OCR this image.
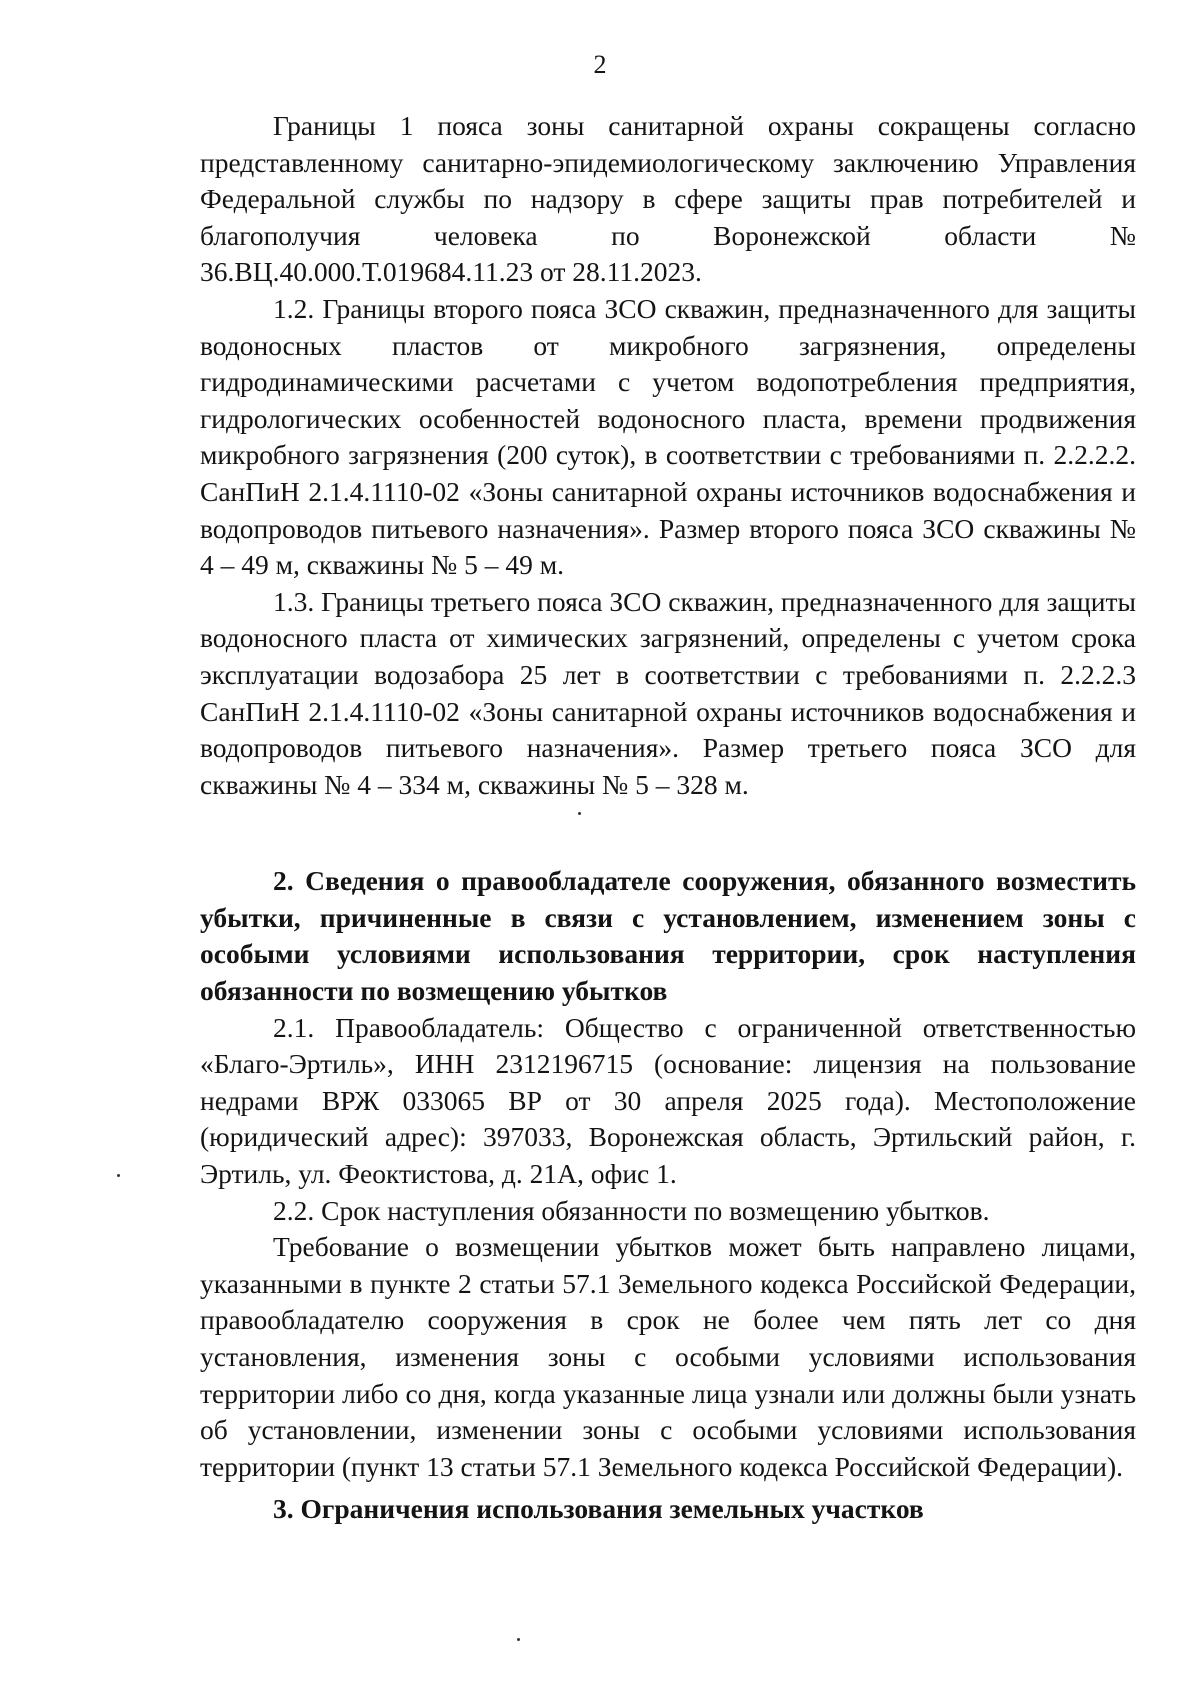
2

Границы 1 пояса зоны санитарной охраны сокращены согласно представленному санитарно-эпидемиологическому заключению Управления Федеральной службы по надзору в сфере защиты прав потребителей и благополучия человека по Воронежской области № 36.ВЦ.40.000.Т.019684.11.23 от 28.11.2023.

1.2. Границы второго пояса ЗСО скважин, предназначенного для защиты водоносных пластов от микробного загрязнения, определены гидродинамическими расчетами с учетом водопотребления предприятия, гидрологических особенностей водоносного пласта, времени продвижения микробного загрязнения (200 суток), в соответствии с требованиями п. 2.2.2.2. СанПиН 2.1.4.1110-02 «Зоны санитарной охраны источников водоснабжения и водопроводов питьевого назначения». Размер второго пояса ЗСО скважины № 4 – 49 м, скважины № 5 – 49 м.

1.3. Границы третьего пояса ЗСО скважин, предназначенного для защиты водоносного пласта от химических загрязнений, определены с учетом срока эксплуатации водозабора 25 лет в соответствии с требованиями п. 2.2.2.3 СанПиН 2.1.4.1110-02 «Зоны санитарной охраны источников водоснабжения и водопроводов питьевого назначения». Размер третьего пояса ЗСО для скважины № 4 – 334 м, скважины № 5 – 328 м.

2. Сведения о правообладателе сооружения, обязанного возместить убытки, причиненные в связи с установлением, изменением зоны с особыми условиями использования территории, срок наступления обязанности по возмещению убытков

2.1. Правообладатель: Общество с ограниченной ответственностью «Благо-Эртиль», ИНН 2312196715 (основание: лицензия на пользование недрами ВРЖ 033065 ВР от 30 апреля 2025 года). Местоположение (юридический адрес): 397033, Воронежская область, Эртильский район, г. Эртиль, ул. Феоктистова, д. 21А, офис 1.

2.2. Срок наступления обязанности по возмещению убытков.

Требование о возмещении убытков может быть направлено лицами, указанными в пункте 2 статьи 57.1 Земельного кодекса Российской Федерации, правообладателю сооружения в срок не более чем пять лет со дня установления, изменения зоны с особыми условиями использования территории либо со дня, когда указанные лица узнали или должны были узнать об установлении, изменении зоны с особыми условиями использования территории (пункт 13 статьи 57.1 Земельного кодекса Российской Федерации).

3. Ограничения использования земельных участков
